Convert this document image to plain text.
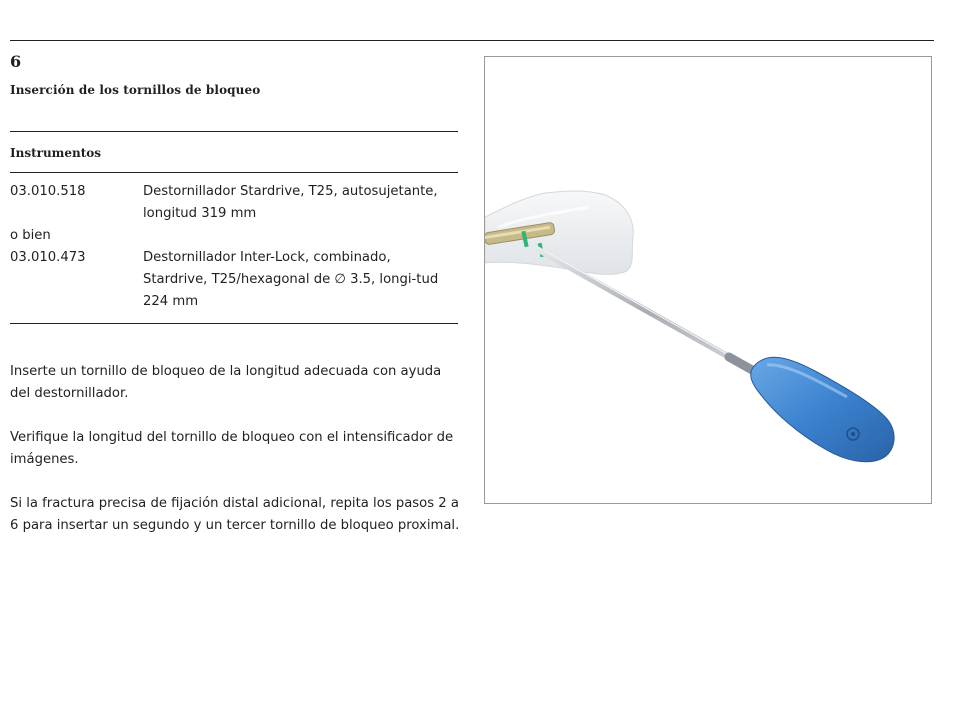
6
Inserción de los tornillos de bloqueo
Instrumentos
03.010.518	Destornillador Stardrive, T25, autosujetante, longitud 319 mm
o bien
03.010.473	Destornillador Inter-Lock, combinado, Stardrive, T25/hexagonal de ∅ 3.5, longi-tud 224 mm

Inserte un tornillo de bloqueo de la longitud adecuada con ayuda del destornillador.

Verifique la longitud del tornillo de bloqueo con el intensificador de imágenes.

Si la fractura precisa de fijación distal adicional, repita los pasos 2 a 6 para insertar un segundo y un tercer tornillo de bloqueo proximal.
